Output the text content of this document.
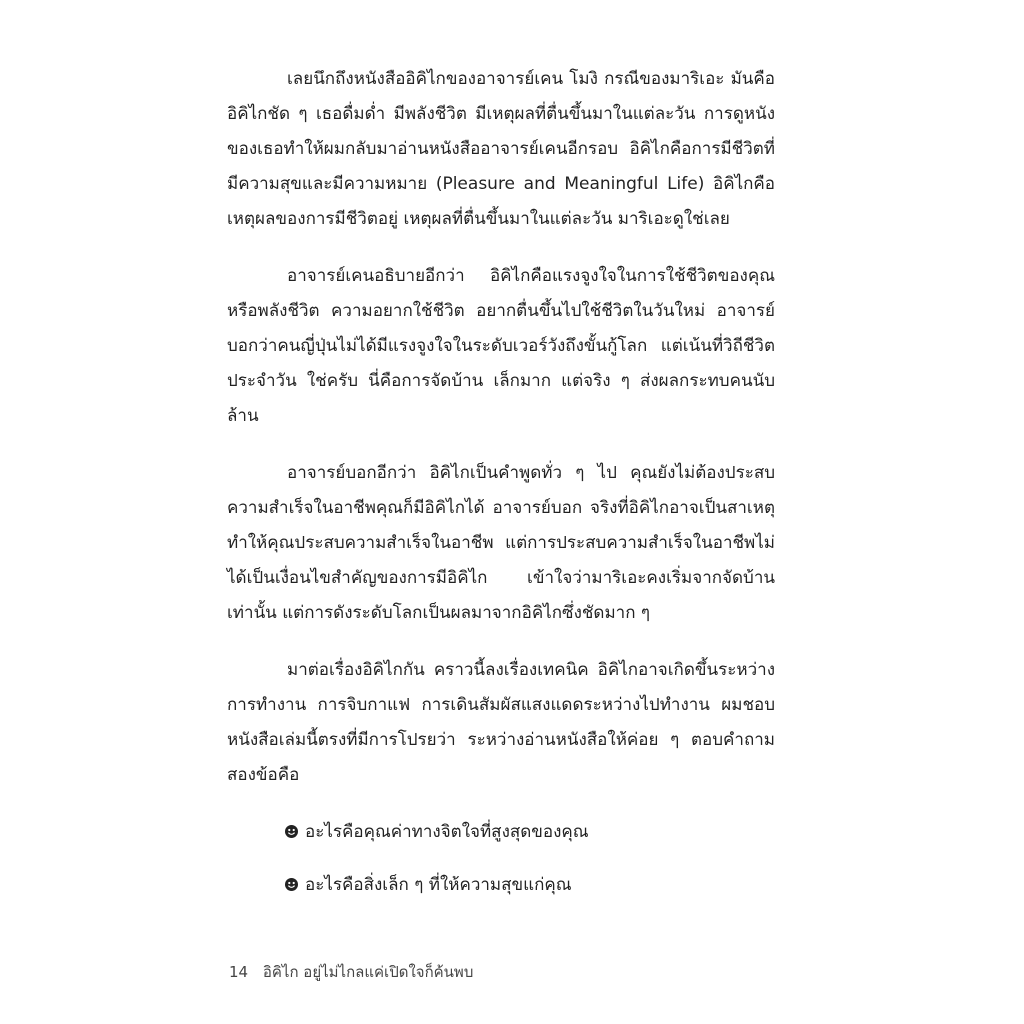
เลยนึกถึงหนังสืออิคิไกของอาจารย์เคน โมงิ กรณีของมาริเอะ มันคืออิคิไกชัด ๆ เธอดื่มด่ำ มีพลังชีวิต มีเหตุผลที่ตื่นขึ้นมาในแต่ละวัน การดูหนังของเธอทำให้ผมกลับมาอ่านหนังสืออาจารย์เคนอีกรอบ อิคิไกคือการมีชีวิตที่มีความสุขและมีความหมาย (Pleasure and Meaningful Life) อิคิไกคือเหตุผลของการมีชีวิตอยู่ เหตุผลที่ตื่นขึ้นมาในแต่ละวัน มาริเอะดูใช่เลย

อาจารย์เคนอธิบายอีกว่า อิคิไกคือแรงจูงใจในการใช้ชีวิตของคุณ หรือพลังชีวิต ความอยากใช้ชีวิต อยากตื่นขึ้นไปใช้ชีวิตในวันใหม่ อาจารย์บอกว่าคนญี่ปุ่นไม่ได้มีแรงจูงใจในระดับเวอร์วังถึงขั้นกู้โลก แต่เน้นที่วิถีชีวิตประจำวัน ใช่ครับ นี่คือการจัดบ้าน เล็กมาก แต่จริง ๆ ส่งผลกระทบคนนับล้าน

อาจารย์บอกอีกว่า อิคิไกเป็นคำพูดทั่ว ๆ ไป คุณยังไม่ต้องประสบความสำเร็จในอาชีพคุณก็มีอิคิไกได้ อาจารย์บอก จริงที่อิคิไกอาจเป็นสาเหตุทำให้คุณประสบความสำเร็จในอาชีพ แต่การประสบความสำเร็จในอาชีพไม่ได้เป็นเงื่อนไขสำคัญของการมีอิคิไก เข้าใจว่ามาริเอะคงเริ่มจากจัดบ้านเท่านั้น แต่การดังระดับโลกเป็นผลมาจากอิคิไกซึ่งชัดมาก ๆ

มาต่อเรื่องอิคิไกกัน คราวนี้ลงเรื่องเทคนิค อิคิไกอาจเกิดขึ้นระหว่างการทำงาน การจิบกาแฟ การเดินสัมผัสแสงแดดระหว่างไปทำงาน ผมชอบหนังสือเล่มนี้ตรงที่มีการโปรยว่า ระหว่างอ่านหนังสือให้ค่อย ๆ ตอบคำถามสองข้อคือ

อะไรคือคุณค่าทางจิตใจที่สูงสุดของคุณ
อะไรคือสิ่งเล็ก ๆ ที่ให้ความสุขแก่คุณ
14 อิคิไก อยู่ไม่ไกลแค่เปิดใจก็ค้นพบ
